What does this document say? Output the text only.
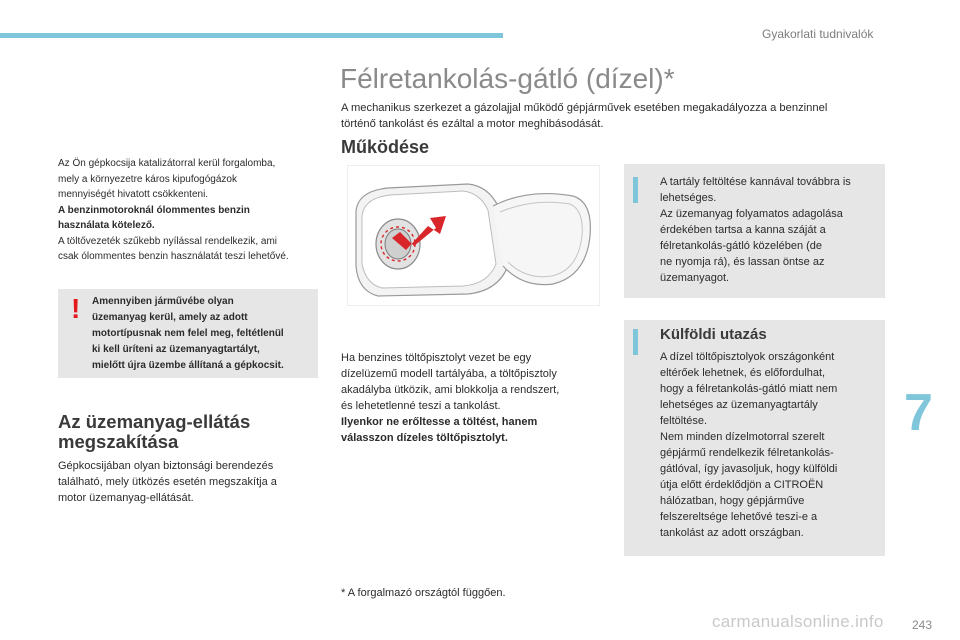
Gyakorlati tudnivalók
Félretankolás-gátló (dízel)*
A mechanikus szerkezet a gázolajjal működő gépjárművek esetében megakadályozza a benzinnel
történő tankolást és ezáltal a motor meghibásodását.
Működése
Az Ön gépkocsija katalizátorral kerül forgalomba,
mely a környezetre káros kipufogógázok
mennyiségét hivatott csökkenteni.
A benzinmotoroknál ólommentes benzin
használata kötelező.
A töltővezeték szűkebb nyílással rendelkezik, ami
csak ólommentes benzin használatát teszi lehetővé.
! Amennyiben járművébe olyan
üzemanyag kerül, amely az adott
motortípusnak nem felel meg, feltétlenül
ki kell üríteni az üzemanyagtartályt,
mielőtt újra üzembe állítaná a gépkocsit.
Az üzemanyag-ellátás
megszakítása
Gépkocsijában olyan biztonsági berendezés
található, mely ütközés esetén megszakítja a
motor üzemanyag-ellátását.
Ha benzines töltőpisztolyt vezet be egy
dízelüzemű modell tartályába, a töltőpisztoly
akadályba ütközik, ami blokkolja a rendszert,
és lehetetlenné teszi a tankolást.
Ilyenkor ne erőltesse a töltést, hanem
válasszon dízeles töltőpisztolyt.
* A forgalmazó országtól függően.
A tartály feltöltése kannával továbbra is
lehetséges.
Az üzemanyag folyamatos adagolása
érdekében tartsa a kanna száját a
félretankolás-gátló közelében (de
ne nyomja rá), és lassan öntse az
üzemanyagot.
Külföldi utazás
A dízel töltőpisztolyok országonként
eltérőek lehetnek, és előfordulhat,
hogy a félretankolás-gátló miatt nem
lehetséges az üzemanyagtartály
feltöltése.
Nem minden dízelmotorral szerelt
gépjármű rendelkezik félretankolás-
gátlóval, így javasoljuk, hogy külföldi
útja előtt érdeklődjön a CITROËN
hálózatban, hogy gépjárműve
felszereltsége lehetővé teszi-e a
tankolást az adott országban.
7
carmanualsonline.info 243
